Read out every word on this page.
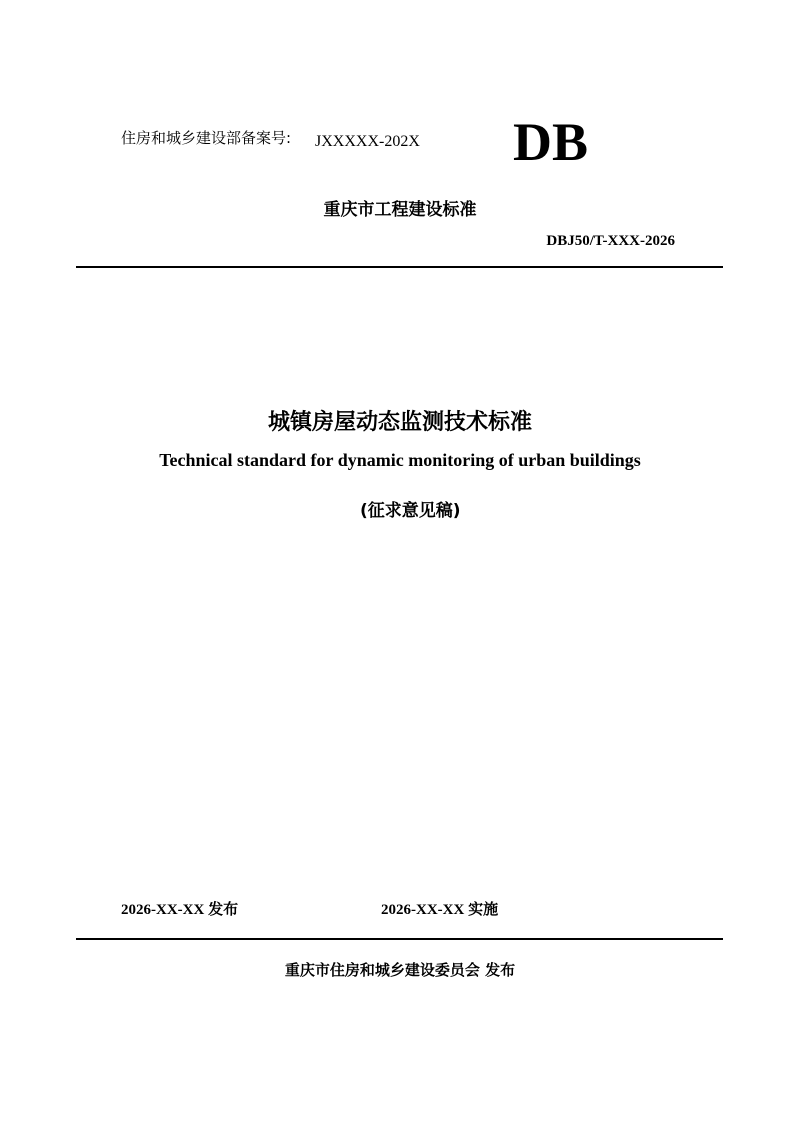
住房和城乡建设部备案号: JXXXXX-202X DB
重庆市工程建设标准
DBJ50/T-XXX-2026
城镇房屋动态监测技术标准
Technical standard for dynamic monitoring of urban buildings
(征求意见稿)
2026-XX-XX 发布	2026-XX-XX 实施
重庆市住房和城乡建设委员会 发布
